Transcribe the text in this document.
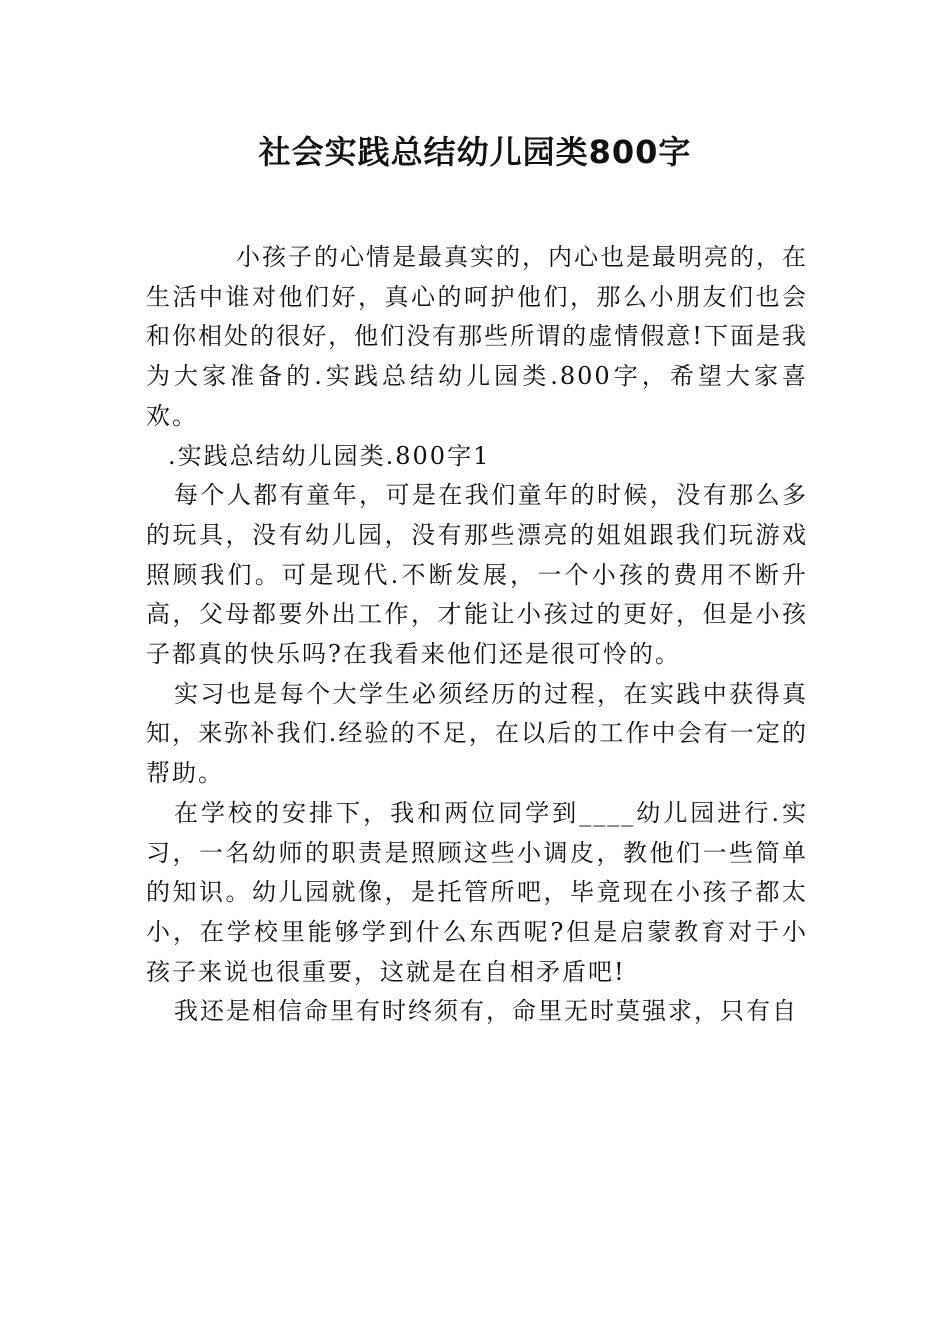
社会实践总结幼儿园类800字

小孩子的心情是最真实的，内心也是最明亮的，在生活中谁对他们好，真心的呵护他们，那么小朋友们也会和你相处的很好，他们没有那些所谓的虚情假意!下面是我为大家准备的.实践总结幼儿园类.800字，希望大家喜欢。

.实践总结幼儿园类.800字1

每个人都有童年，可是在我们童年的时候，没有那么多的玩具，没有幼儿园，没有那些漂亮的姐姐跟我们玩游戏照顾我们。可是现代.不断发展，一个小孩的费用不断升高，父母都要外出工作，才能让小孩过的更好，但是小孩子都真的快乐吗?在我看来他们还是很可怜的。

实习也是每个大学生必须经历的过程，在实践中获得真知，来弥补我们.经验的不足，在以后的工作中会有一定的帮助。

在学校的安排下，我和两位同学到____幼儿园进行.实习，一名幼师的职责是照顾这些小调皮，教他们一些简单的知识。幼儿园就像，是托管所吧，毕竟现在小孩子都太小，在学校里能够学到什么东西呢?但是启蒙教育对于小孩子来说也很重要，这就是在自相矛盾吧!

我还是相信命里有时终须有，命里无时莫强求，只有自
